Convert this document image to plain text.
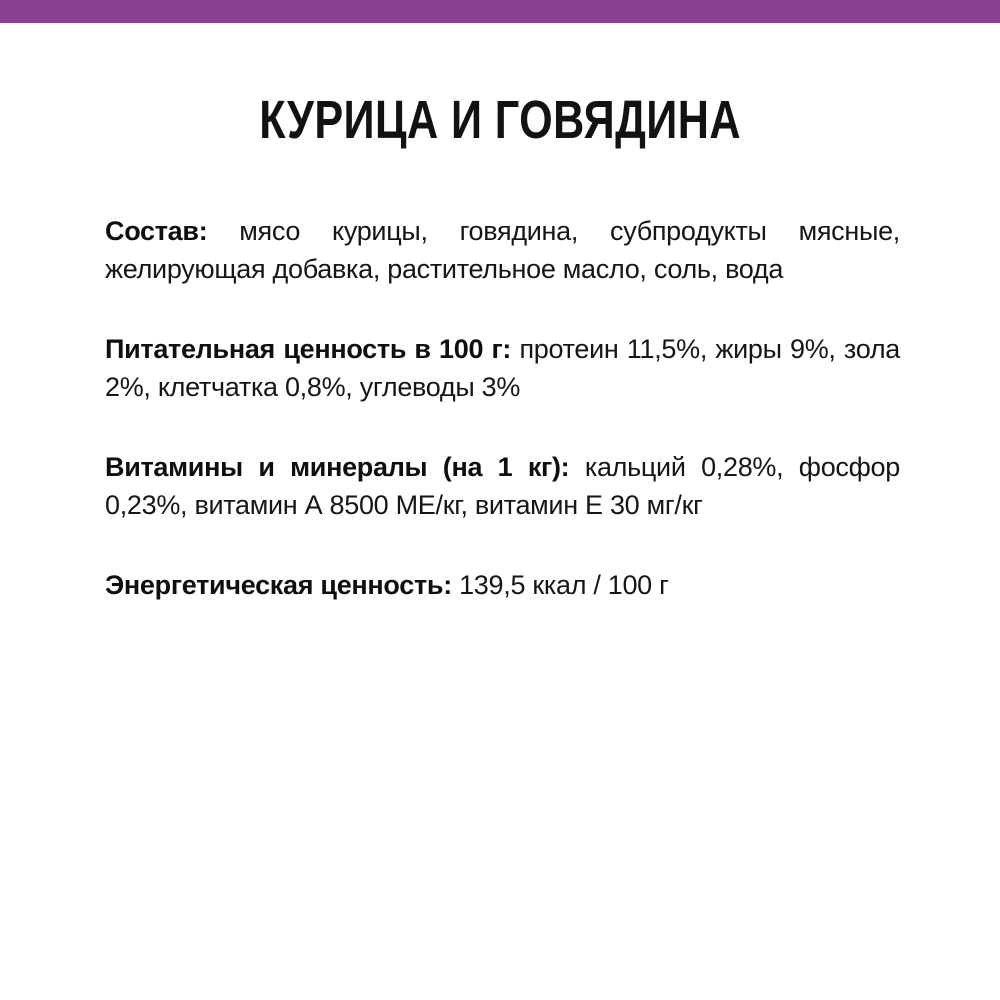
КУРИЦА И ГОВЯДИНА

Состав: мясо курицы, говядина, субпродукты мясные, желирующая добавка, растительное масло, соль, вода

Питательная ценность в 100 г: протеин 11,5%, жиры 9%, зола 2%, клетчатка 0,8%, углеводы 3%

Витамины и минералы (на 1 кг): кальций 0,28%, фосфор 0,23%, витамин А 8500 МЕ/кг, витамин Е 30 мг/кг

Энергетическая ценность: 139,5 ккал / 100 г
